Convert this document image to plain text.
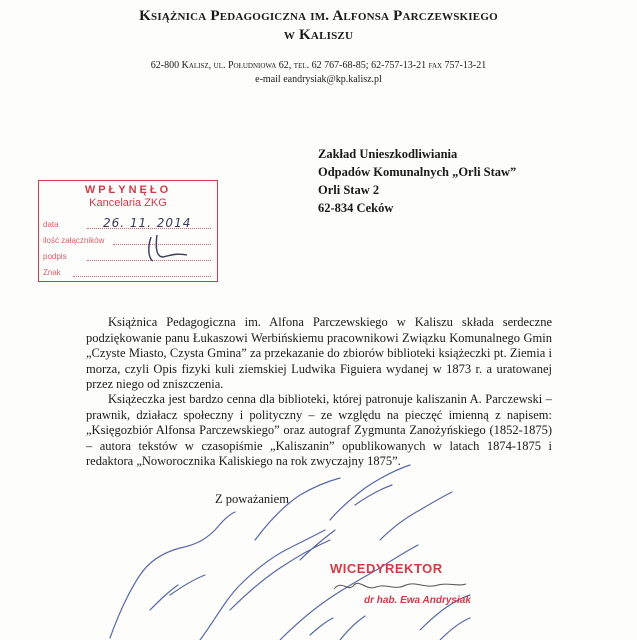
Książnica Pedagogiczna im. Alfonsa Parczewskiego
w Kaliszu
62-800 Kalisz, ul. Południowa 62, tel. 62 767-68-85; 62-757-13-21 fax 757-13-21
e-mail eandrysiak@kp.kalisz.pl
Zakład Unieszkodliwiania
Odpadów Komunalnych „Orli Staw”
Orli Staw 2
62-834 Ceków
WPŁYNĘŁO
Kancelaria ZKG
data	26. 11. 2014
ilość załączników
podpis
Znak

Książnica Pedagogiczna im. Alfona Parczewskiego w Kaliszu składa serdeczne podziękowanie panu Łukaszowi Werbińskiemu pracownikowi Związku Komunalnego Gmin „Czyste Miasto, Czysta Gmina” za przekazanie do zbiorów biblioteki książeczki pt. Ziemia i morza, czyli Opis fizyki kuli ziemskiej Ludwika Figuiera wydanej w 1873 r. a uratowanej przez niego od zniszczenia.

Książeczka jest bardzo cenna dla biblioteki, której patronuje kaliszanin A. Parczewski – prawnik, działacz społeczny i polityczny – ze względu na pieczęć imienną z napisem: „Księgozbiór Alfonsa Parczewskiego” oraz autograf Zygmunta Zanożyńskiego (1852-1875) – autora tekstów w czasopiśmie „Kaliszanin” opublikowanych w latach 1874-1875 i redaktora „Noworocznika Kaliskiego na rok zwyczajny 1875”.

Z poważaniem
WICEDYREKTOR
dr hab. Ewa Andrysiak
